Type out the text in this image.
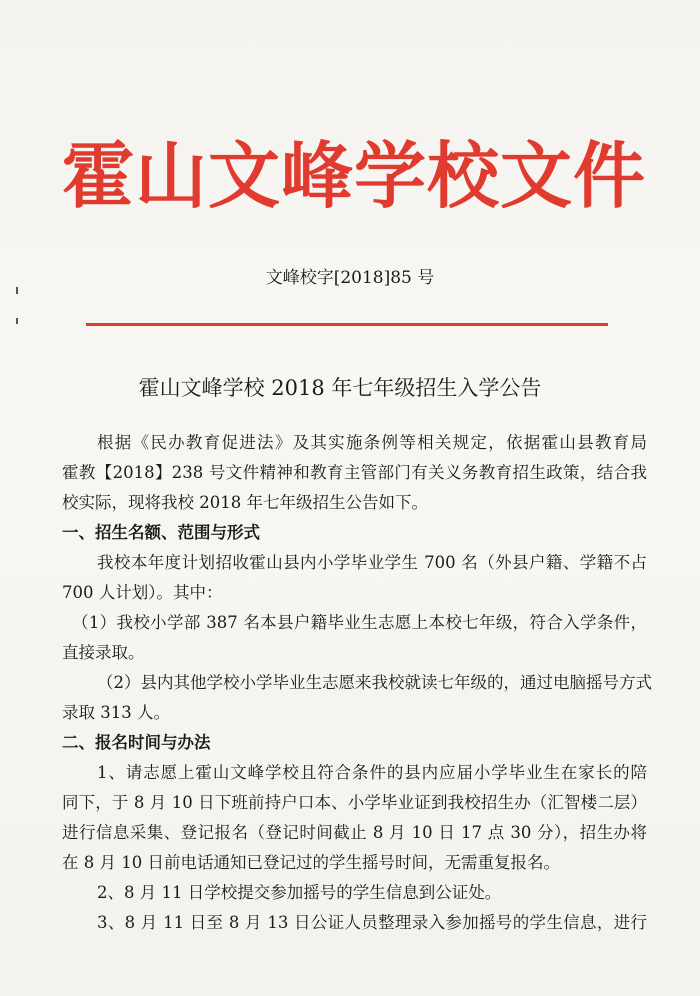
霍山文峰学校文件
文峰校字[2018]85 号
霍山文峰学校 2018 年七年级招生入学公告
根据《民办教育促进法》及其实施条例等相关规定，依据霍山县教育局
霍教【2018】238 号文件精神和教育主管部门有关义务教育招生政策，结合我
校实际，现将我校 2018 年七年级招生公告如下。
一、招生名额、范围与形式
我校本年度计划招收霍山县内小学毕业学生 700 名（外县户籍、学籍不占
700 人计划）。其中：
（1）我校小学部 387 名本县户籍毕业生志愿上本校七年级，符合入学条件，
直接录取。
（2）县内其他学校小学毕业生志愿来我校就读七年级的，通过电脑摇号方式
录取 313 人。
二、报名时间与办法
1、请志愿上霍山文峰学校且符合条件的县内应届小学毕业生在家长的陪
同下，于 8 月 10 日下班前持户口本、小学毕业证到我校招生办（汇智楼二层）
进行信息采集、登记报名（登记时间截止 8 月 10 日 17 点 30 分），招生办将
在 8 月 10 日前电话通知已登记过的学生摇号时间，无需重复报名。
2、8 月 11 日学校提交参加摇号的学生信息到公证处。
3、8 月 11 日至 8 月 13 日公证人员整理录入参加摇号的学生信息，进行
